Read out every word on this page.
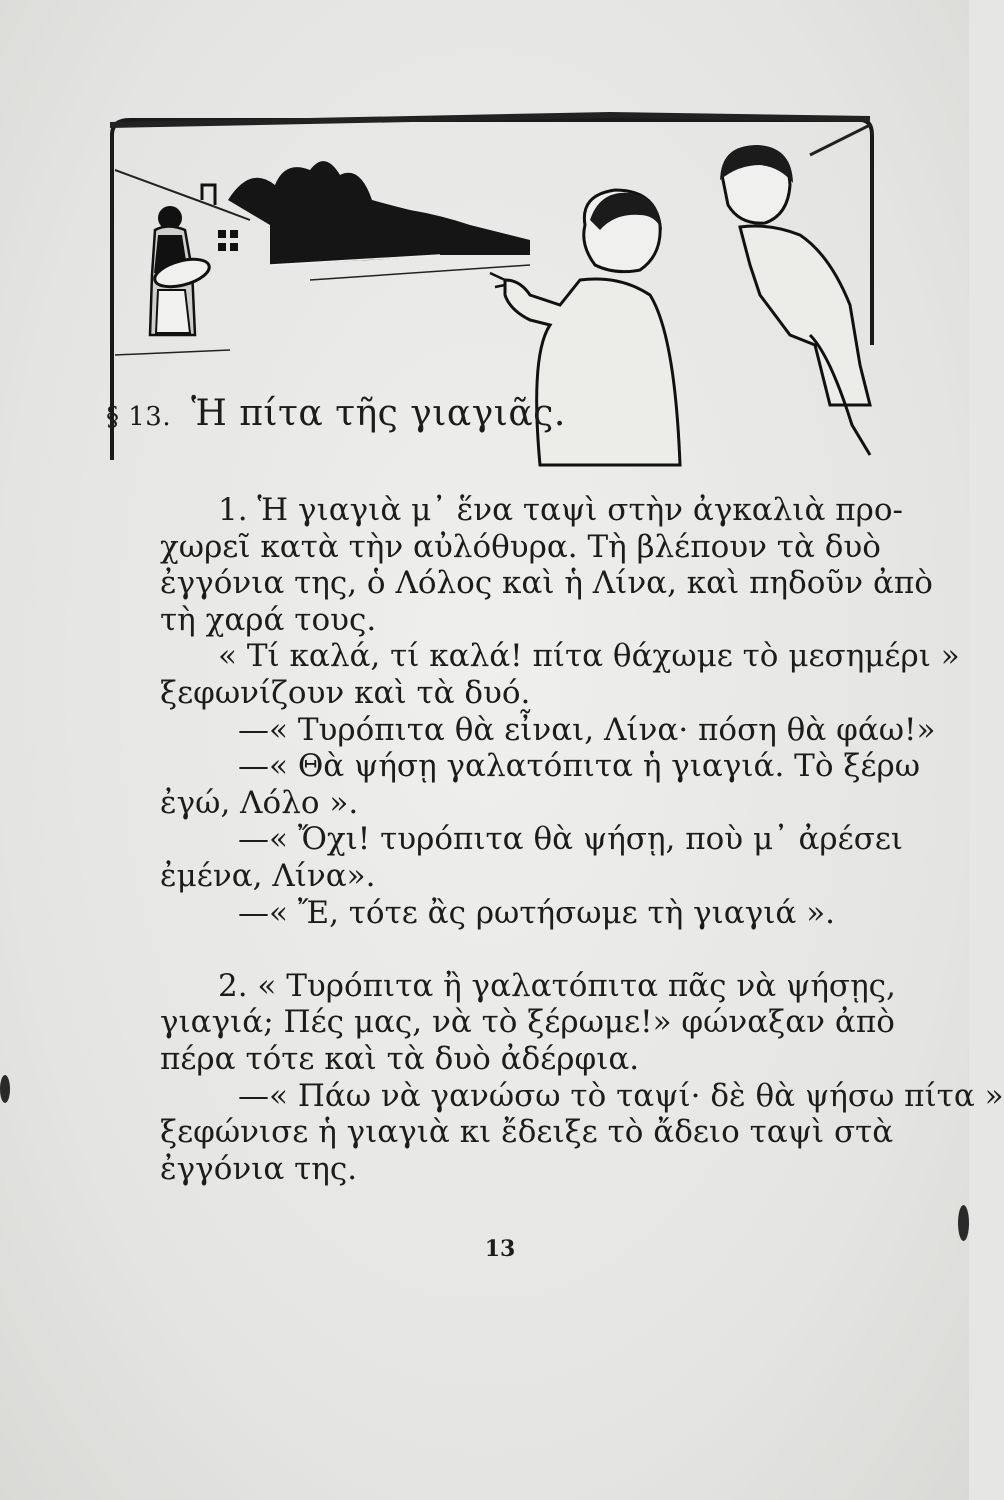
§ 13. Ἡ πίτα τῆς γιαγιᾶς.
1. Ἡ γιαγιὰ μ᾽ ἕνα ταψὶ στὴν ἀγκαλιὰ προ-
χωρεῖ κατὰ τὴν αὐλόθυρα. Τὴ βλέπουν τὰ δυὸ
ἐγγόνια της, ὁ Λόλος καὶ ἡ Λίνα, καὶ πηδοῦν ἀπὸ
τὴ χαρά τους.
« Τί καλά, τί καλά! πίτα θάχωμε τὸ μεσημέρι »
ξεφωνίζουν καὶ τὰ δυό.
—« Τυρόπιτα θὰ εἶναι, Λίνα· πόση θὰ φάω!»
—« Θὰ ψήσῃ γαλατόπιτα ἡ γιαγιά. Τὸ ξέρω
ἐγώ, Λόλο ».
—« Ὄχι! τυρόπιτα θὰ ψήσῃ, ποὺ μ᾽ ἀρέσει
ἐμένα, Λίνα».
—« Ἔ, τότε ἂς ρωτήσωμε τὴ γιαγιά ».
2. « Τυρόπιτα ἢ γαλατόπιτα πᾶς νὰ ψήσῃς,
γιαγιά; Πές μας, νὰ τὸ ξέρωμε!» φώναξαν ἀπὸ
πέρα τότε καὶ τὰ δυὸ ἀδέρφια.
—« Πάω νὰ γανώσω τὸ ταψί· δὲ θὰ ψήσω πίτα »
ξεφώνισε ἡ γιαγιὰ κι ἔδειξε τὸ ἄδειο ταψὶ στὰ
ἐγγόνια της.
13
